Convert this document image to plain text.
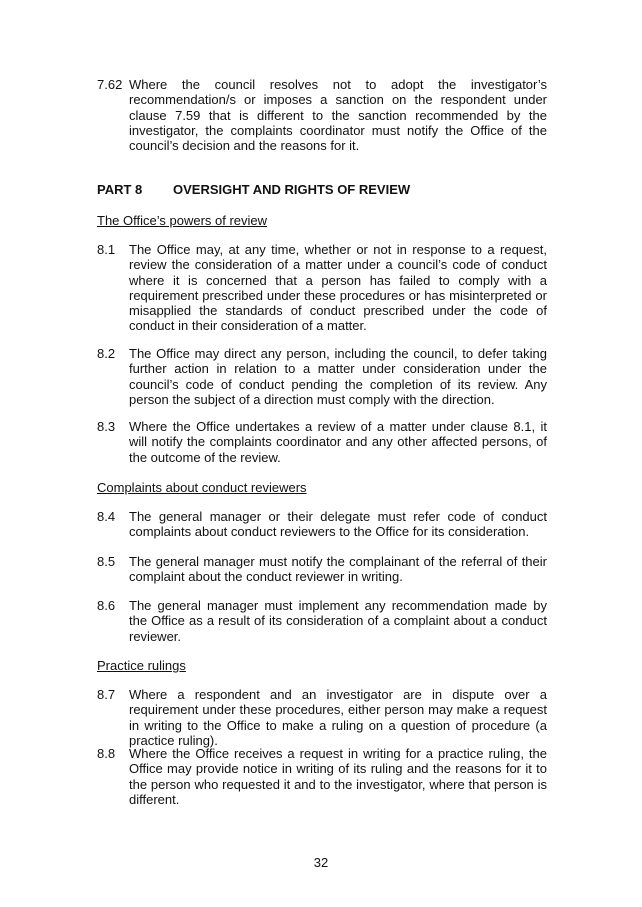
7.62 Where the council resolves not to adopt the investigator’s recommendation/s or imposes a sanction on the respondent under clause 7.59 that is different to the sanction recommended by the investigator, the complaints coordinator must notify the Office of the council’s decision and the reasons for it.
PART 8 OVERSIGHT AND RIGHTS OF REVIEW
The Office’s powers of review
8.1 The Office may, at any time, whether or not in response to a request, review the consideration of a matter under a council’s code of conduct where it is concerned that a person has failed to comply with a requirement prescribed under these procedures or has misinterpreted or misapplied the standards of conduct prescribed under the code of conduct in their consideration of a matter.
8.2 The Office may direct any person, including the council, to defer taking further action in relation to a matter under consideration under the council’s code of conduct pending the completion of its review. Any person the subject of a direction must comply with the direction.
8.3 Where the Office undertakes a review of a matter under clause 8.1, it will notify the complaints coordinator and any other affected persons, of the outcome of the review.
Complaints about conduct reviewers
8.4 The general manager or their delegate must refer code of conduct complaints about conduct reviewers to the Office for its consideration.
8.5 The general manager must notify the complainant of the referral of their complaint about the conduct reviewer in writing.
8.6 The general manager must implement any recommendation made by the Office as a result of its consideration of a complaint about a conduct reviewer.
Practice rulings
8.7 Where a respondent and an investigator are in dispute over a requirement under these procedures, either person may make a request in writing to the Office to make a ruling on a question of procedure (a practice ruling).
8.8 Where the Office receives a request in writing for a practice ruling, the Office may provide notice in writing of its ruling and the reasons for it to the person who requested it and to the investigator, where that person is different.
32
